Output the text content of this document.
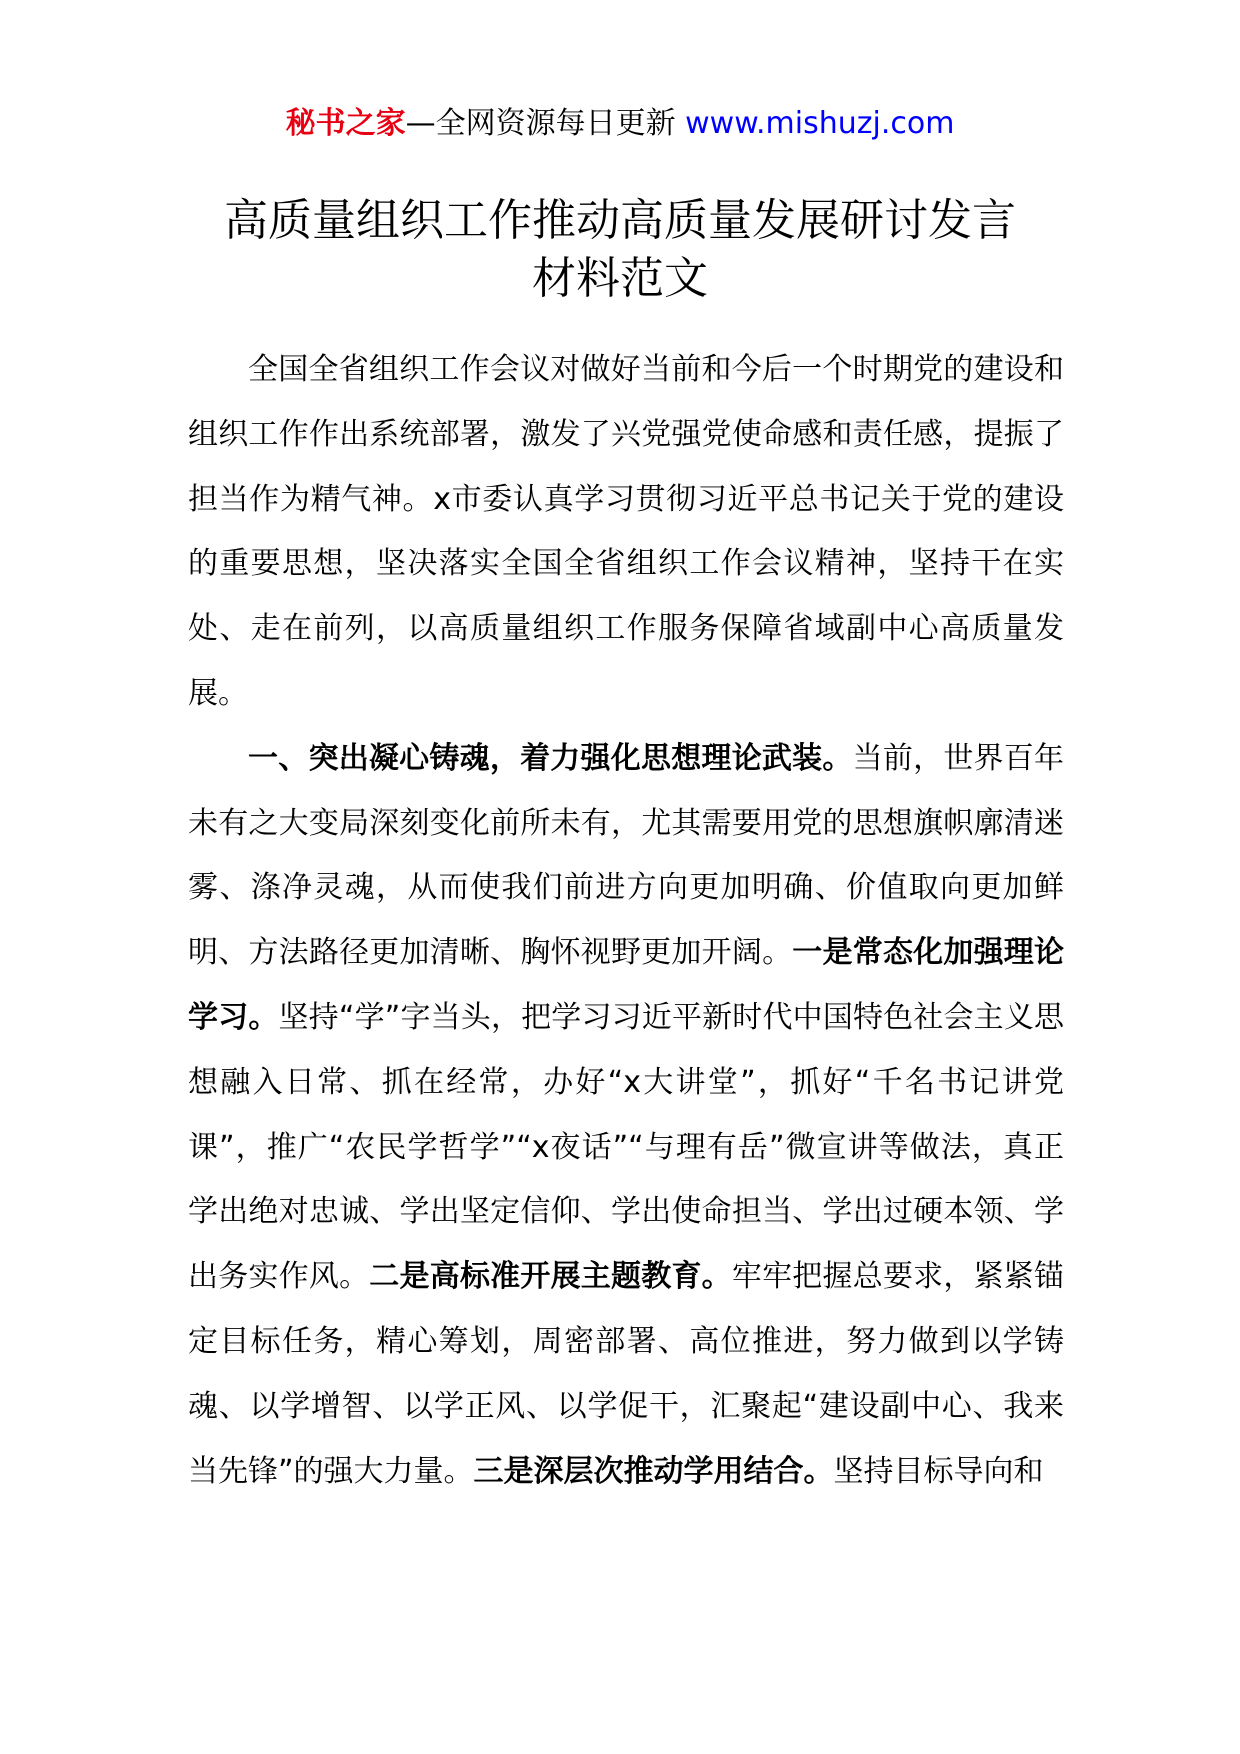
秘书之家—全网资源每日更新 www.mishuzj.com
高质量组织工作推动高质量发展研讨发言
材料范文

全国全省组织工作会议对做好当前和今后一个时期党的建设和组织工作作出系统部署，激发了兴党强党使命感和责任感，提振了担当作为精气神。x市委认真学习贯彻习近平总书记关于党的建设的重要思想，坚决落实全国全省组织工作会议精神，坚持干在实处、走在前列，以高质量组织工作服务保障省域副中心高质量发展。

一、突出凝心铸魂，着力强化思想理论武装。当前，世界百年未有之大变局深刻变化前所未有，尤其需要用党的思想旗帜廓清迷雾、涤净灵魂，从而使我们前进方向更加明确、价值取向更加鲜明、方法路径更加清晰、胸怀视野更加开阔。一是常态化加强理论学习。坚持“学”字当头，把学习习近平新时代中国特色社会主义思想融入日常、抓在经常，办好“x大讲堂”，抓好“千名书记讲党课”，推广“农民学哲学”“x夜话”“与理有岳”微宣讲等做法，真正学出绝对忠诚、学出坚定信仰、学出使命担当、学出过硬本领、学出务实作风。二是高标准开展主题教育。牢牢把握总要求，紧紧锚定目标任务，精心筹划，周密部署、高位推进，努力做到以学铸魂、以学增智、以学正风、以学促干，汇聚起“建设副中心、我来当先锋”的强大力量。三是深层次推动学用结合。坚持目标导向和
